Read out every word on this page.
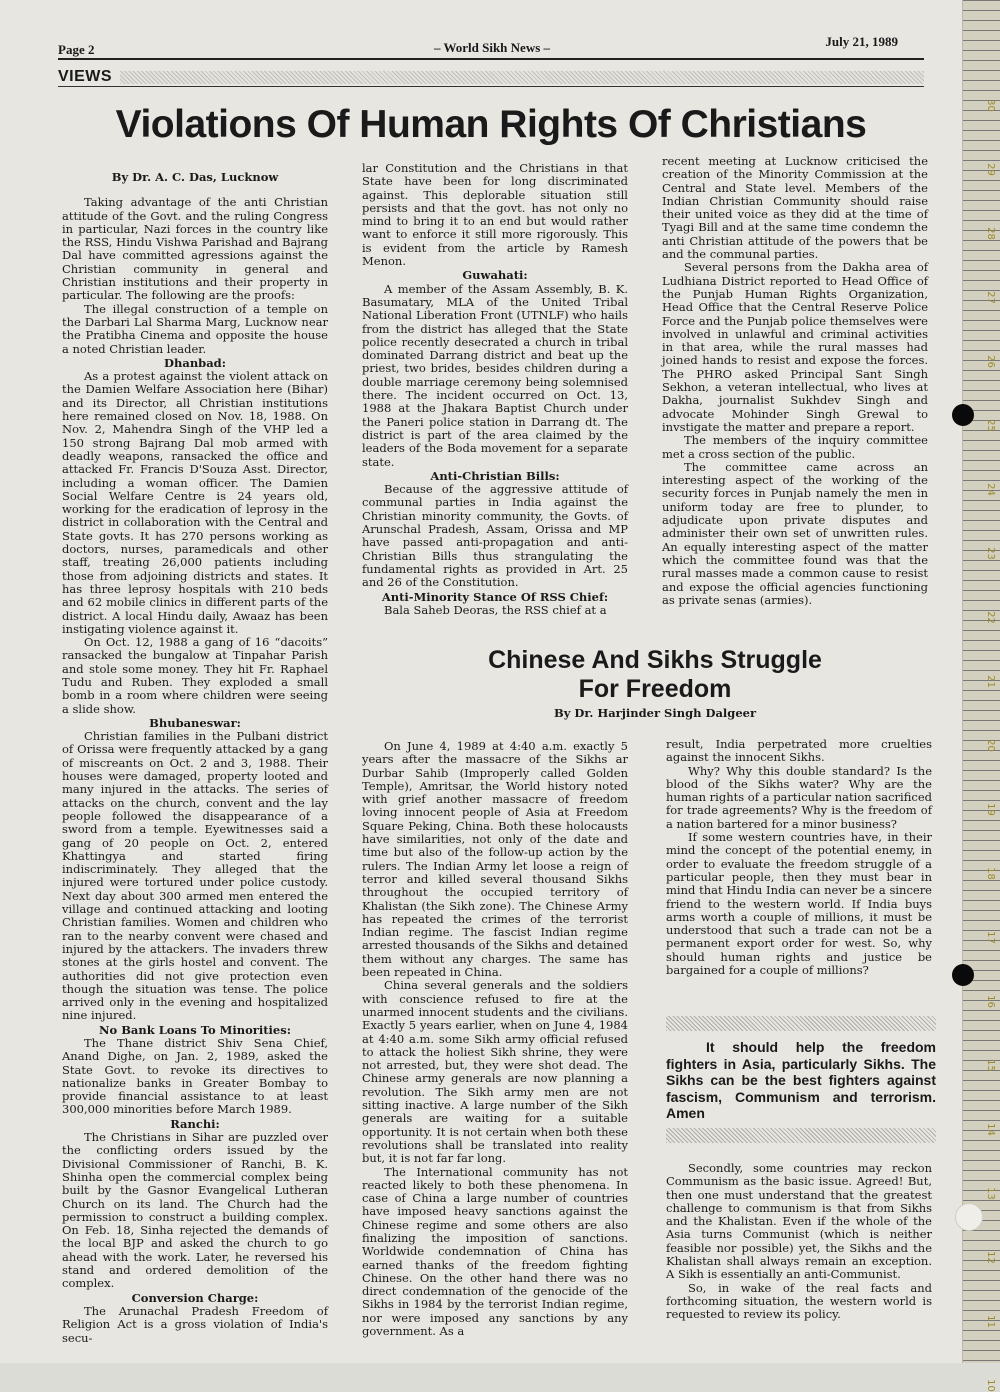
30
29
28
27
26
25
24
23
22
21
20
19
18
17
16
15
14
13
12
11
10
Page 2	– World Sikh News –	July 21, 1989
VIEWS
Violations Of Human Rights Of Christians
By Dr. A. C. Das, Lucknow

Taking advantage of the anti Christian attitude of the Govt. and the ruling Congress in particular, Nazi forces in the country like the RSS, Hindu Vishwa Parishad and Bajrang Dal have committed agressions against the Christian community in general and Christian institutions and their property in particular. The following are the proofs:

The illegal construction of a temple on the Darbari Lal Sharma Marg, Lucknow near the Pratibha Cinema and opposite the house a noted Christian leader.

Dhanbad:

As a protest against the violent attack on the Damien Welfare Association here (Bihar) and its Director, all Christian institutions here remained closed on Nov. 18, 1988. On Nov. 2, Mahendra Singh of the VHP led a 150 strong Bajrang Dal mob armed with deadly weapons, ransacked the office and attacked Fr. Francis D'Souza Asst. Director, including a woman officer. The Damien Social Welfare Centre is 24 years old, working for the eradication of leprosy in the district in collaboration with the Central and State govts. It has 270 persons working as doctors, nurses, paramedicals and other staff, treating 26,000 patients including those from adjoining districts and states. It has three leprosy hospitals with 210 beds and 62 mobile clinics in different parts of the district. A local Hindu daily, Awaaz has been instigating violence against it.

On Oct. 12, 1988 a gang of 16 “dacoits” ransacked the bungalow at Tinpahar Parish and stole some money. They hit Fr. Raphael Tudu and Ruben. They exploded a small bomb in a room where children were seeing a slide show.

Bhubaneswar:

Christian families in the Pulbani district of Orissa were frequently attacked by a gang of miscreants on Oct. 2 and 3, 1988. Their houses were damaged, property looted and many injured in the attacks. The series of attacks on the church, convent and the lay people followed the disappearance of a sword from a temple. Eyewitnesses said a gang of 20 people on Oct. 2, entered Khattingya and started firing indiscriminately. They alleged that the injured were tortured under police custody. Next day about 300 armed men entered the village and continued attacking and looting Christian families. Women and children who ran to the nearby convent were chased and injured by the attackers. The invaders threw stones at the girls hostel and convent. The authorities did not give protection even though the situation was tense. The police arrived only in the evening and hospitalized nine injured.

No Bank Loans To Minorities:

The Thane district Shiv Sena Chief, Anand Dighe, on Jan. 2, 1989, asked the State Govt. to revoke its directives to nationalize banks in Greater Bombay to provide financial assistance to at least 300,000 minorities before March 1989.

Ranchi:

The Christians in Sihar are puzzled over the conflicting orders issued by the Divisional Commissioner of Ranchi, B. K. Shinha open the commercial complex being built by the Gasnor Evangelical Lutheran Church on its land. The Church had the permission to construct a building complex. On Feb. 18, Sinha rejected the demands of the local BJP and asked the church to go ahead with the work. Later, he reversed his stand and ordered demolition of the complex.

Conversion Charge:

The Arunachal Pradesh Freedom of Religion Act is a gross violation of India's secu-

lar Constitution and the Christians in that State have been for long discriminated against. This deplorable situation still persists and that the govt. has not only no mind to bring it to an end but would rather want to enforce it still more rigorously. This is evident from the article by Ramesh Menon.

Guwahati:

A member of the Assam Assembly, B. K. Basumatary, MLA of the United Tribal National Liberation Front (UTNLF) who hails from the district has alleged that the State police recently desecrated a church in tribal dominated Darrang district and beat up the priest, two brides, besides children during a double marriage ceremony being solemnised there. The incident occurred on Oct. 13, 1988 at the Jhakara Baptist Church under the Paneri police station in Darrang dt. The district is part of the area claimed by the leaders of the Boda movement for a separate state.

Anti-Christian Bills:

Because of the aggressive attitude of communal parties in India against the Christian minority community, the Govts. of Arunschal Pradesh, Assam, Orissa and MP have passed anti-propagation and anti-Christian Bills thus strangulating the fundamental rights as provided in Art. 25 and 26 of the Constitution.

Anti-Minority Stance Of RSS Chief:

Bala Saheb Deoras, the RSS chief at a

recent meeting at Lucknow criticised the creation of the Minority Commission at the Central and State level. Members of the Indian Christian Community should raise their united voice as they did at the time of Tyagi Bill and at the same time condemn the anti Christian attitude of the powers that be and the communal parties.

Several persons from the Dakha area of Ludhiana District reported to Head Office of the Punjab Human Rights Organization, Head Office that the Central Reserve Police Force and the Punjab police themselves were involved in unlawful and criminal activities in that area, while the rural masses had joined hands to resist and expose the forces. The PHRO asked Principal Sant Singh Sekhon, a veteran intellectual, who lives at Dakha, journalist Sukhdev Singh and advocate Mohinder Singh Grewal to invstigate the matter and prepare a report.

The members of the inquiry committee met a cross section of the public.

The committee came across an interesting aspect of the working of the security forces in Punjab namely the men in uniform today are free to plunder, to adjudicate upon private disputes and administer their own set of unwritten rules. An equally interesting aspect of the matter which the committee found was that the rural masses made a common cause to resist and expose the official agencies functioning as private senas (armies).

Chinese And Sikhs Struggle
For Freedom
By Dr. Harjinder Singh Dalgeer

On June 4, 1989 at 4:40 a.m. exactly 5 years after the massacre of the Sikhs ar Durbar Sahib (Improperly called Golden Temple), Amritsar, the World history noted with grief another massacre of freedom loving innocent people of Asia at Freedom Square Peking, China. Both these holocausts have similarities, not only of the date and time but also of the follow-up action by the rulers. The Indian Army let loose a reign of terror and killed several thousand Sikhs throughout the occupied territory of Khalistan (the Sikh zone). The Chinese Army has repeated the crimes of the terrorist Indian regime. The fascist Indian regime arrested thousands of the Sikhs and detained them without any charges. The same has been repeated in China.

China several generals and the soldiers with conscience refused to fire at the unarmed innocent students and the civilians. Exactly 5 years earlier, when on June 4, 1984 at 4:40 a.m. some Sikh army official refused to attack the holiest Sikh shrine, they were not arrested, but, they were shot dead. The Chinese army generals are now planning a revolution. The Sikh army men are not sitting inactive. A large number of the Sikh generals are waiting for a suitable opportunity. It is not certain when both these revolutions shall be translated into reality but, it is not far far long.

The International community has not reacted likely to both these phenomena. In case of China a large number of countries have imposed heavy sanctions against the Chinese regime and some others are also finalizing the imposition of sanctions. Worldwide condemnation of China has earned thanks of the freedom fighting Chinese. On the other hand there was no direct condemnation of the genocide of the Sikhs in 1984 by the terrorist Indian regime, nor were imposed any sanctions by any government. As a

result, India perpetrated more cruelties against the innocent Sikhs.

Why? Why this double standard? Is the blood of the Sikhs water? Why are the human rights of a particular nation sacrificed for trade agreements? Why is the freedom of a nation bartered for a minor business?

If some western countries have, in their mind the concept of the potential enemy, in order to evaluate the freedom struggle of a particular people, then they must bear in mind that Hindu India can never be a sincere friend to the western world. If India buys arms worth a couple of millions, it must be understood that such a trade can not be a permanent export order for west. So, why should human rights and justice be bargained for a couple of millions?

It should help the freedom fighters in Asia, particularly Sikhs. The Sikhs can be the best fighters against fascism, Communism and terrorism. Amen

Secondly, some countries may reckon Communism as the basic issue. Agreed! But, then one must understand that the greatest challenge to communism is that from Sikhs and the Khalistan. Even if the whole of the Asia turns Communist (which is neither feasible nor possible) yet, the Sikhs and the Khalistan shall always remain an exception. A Sikh is essentially an anti-Communist.

So, in wake of the real facts and forthcoming situation, the western world is requested to review its policy.
